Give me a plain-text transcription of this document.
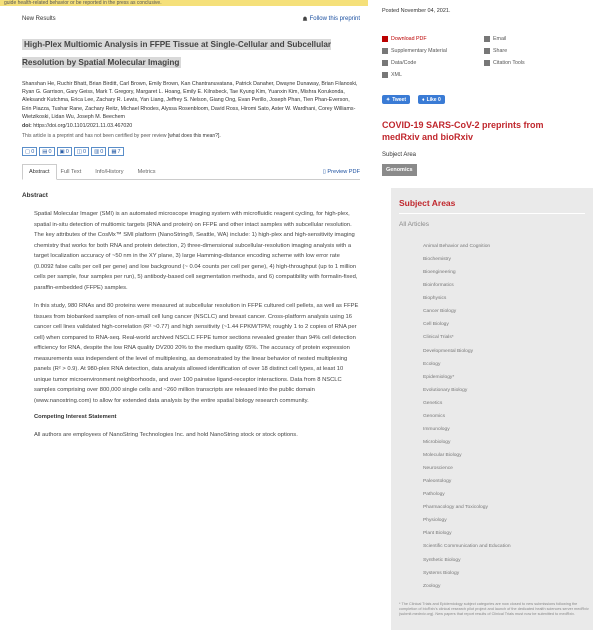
guide health-related behavior or be reported in the press as conclusive.
New Results	Follow this preprint
High-Plex Multiomic Analysis in FFPE Tissue at Single-Cellular and Subcellular Resolution by Spatial Molecular Imaging
Shanshan He, Ruchir Bhatt, Brian Birditt, Carl Brown, Emily Brown, Kan Chantranuvatana, Patrick Danaher, Dwayne Dunaway, Brian Filanoski, Ryan G. Garrison, Gary Geiss, Mark T. Gregory, Margaret L. Hoang, Emily E. Kilnsbeck, Tae Kyung Kim, Yuanxin Kim, Mishra Korukonda, Aleksandr Kutchma, Erica Lee, Zachary R. Lewis, Yan Liang, Jeffrey S. Nelson, Giang Ong, Evan Perillo, Joseph Phan, Tien Phan-Everson, Erin Piazza, Tushar Rane, Zachary Reitz, Michael Rhodes, Alyssa Rosenbloom, David Ross, Hiromi Sato, Aster W. Wardhani, Corey Williams-Wietzikoski, Lidan Wu, Joseph M. Beechem
doi: https://doi.org/10.1101/2021.11.03.467020
This article is a preprint and has not been certified by peer review [what does this mean?].
▢ 0 ▤ 0 ▣ 0 ◫ 0 ▥ 0 ▦ 7
Abstract	Full Text	Info/History	Metrics	▯ Preview PDF
Abstract

Spatial Molecular Imager (SMI) is an automated microscope imaging system with microfluidic reagent cycling, for high-plex, spatial in-situ detection of multiomic targets (RNA and protein) on FFPE and other intact samples with subcellular resolution. The key attributes of the CosMx™ SMI platform (NanoString®, Seattle, WA) include: 1) high-plex and high-sensitivity imaging chemistry that works for both RNA and protein detection, 2) three-dimensional subcellular-resolution imaging analysis with a target localization accuracy of ~50 nm in the XY plane, 3) large Hamming-distance encoding scheme with low error rate (0.0092 false calls per cell per gene) and low background (~ 0.04 counts per cell per gene), 4) high-throughput (up to 1 million cells per sample, four samples per run), 5) antibody-based cell segmentation methods, and 6) compatibility with formalin-fixed, paraffin-embedded (FFPE) samples.

In this study, 980 RNAs and 80 proteins were measured at subcellular resolution in FFPE cultured cell pellets, as well as FFPE tissues from biobanked samples of non-small cell lung cancer (NSCLC) and breast cancer. Cross-platform analysis using 16 cancer cell lines validated high-correlation (R² ~0.77) and high sensitivity (~1.44 FPKM/TPM; roughly 1 to 2 copies of RNA per cell) when compared to RNA-seq. Real-world archived NSCLC FFPE tumor sections revealed greater than 94% cell detection efficiency for RNA, despite the low RNA quality DV200 20% to the medium quality 65%. The accuracy of protein expression measurements was independent of the level of multiplexing, as demonstrated by the linear behavior of nested multiplexing panels (R² > 0.9). At 980-plex RNA detection, data analysis allowed identification of over 18 distinct cell types, at least 10 unique tumor microenvironment neighborhoods, and over 100 pairwise ligand-receptor interactions. Data from 8 NSCLC samples comprising over 800,000 single cells and ~260 million transcripts are released into the public domain (www.nanostring.com) to allow for extended data analysis by the entire spatial biology research community.

Competing Interest Statement
All authors are employees of NanoString Technologies Inc. and hold NanoString stock or stock options.
Posted November 04, 2021.
Download PDF
Supplementary Material
Data/Code
XML
Email
Share
Citation Tools
✦ Tweet	♦ Like 0
COVID-19 SARS-CoV-2 preprints from medRxiv and bioRxiv
Subject Area
Genomics
Subject Areas
All Articles
Animal Behavior and Cognition
Biochemistry
Bioengineering
Bioinformatics
Biophysics
Cancer Biology
Cell Biology
Clinical Trials*
Developmental Biology
Ecology
Epidemiology*
Evolutionary Biology
Genetics
Genomics
Immunology
Microbiology
Molecular Biology
Neuroscience
Paleontology
Pathology
Pharmacology and Toxicology
Physiology
Plant Biology
Scientific Communication and Education
Synthetic Biology
Systems Biology
Zoology
* The Clinical Trials and Epidemiology subject categories are now closed to new submissions following the completion of bioRxiv's clinical research pilot project and launch of the dedicated health sciences server medRxiv (submit.medrxiv.org). New papers that report results of Clinical Trials must now be submitted to medRxiv.
